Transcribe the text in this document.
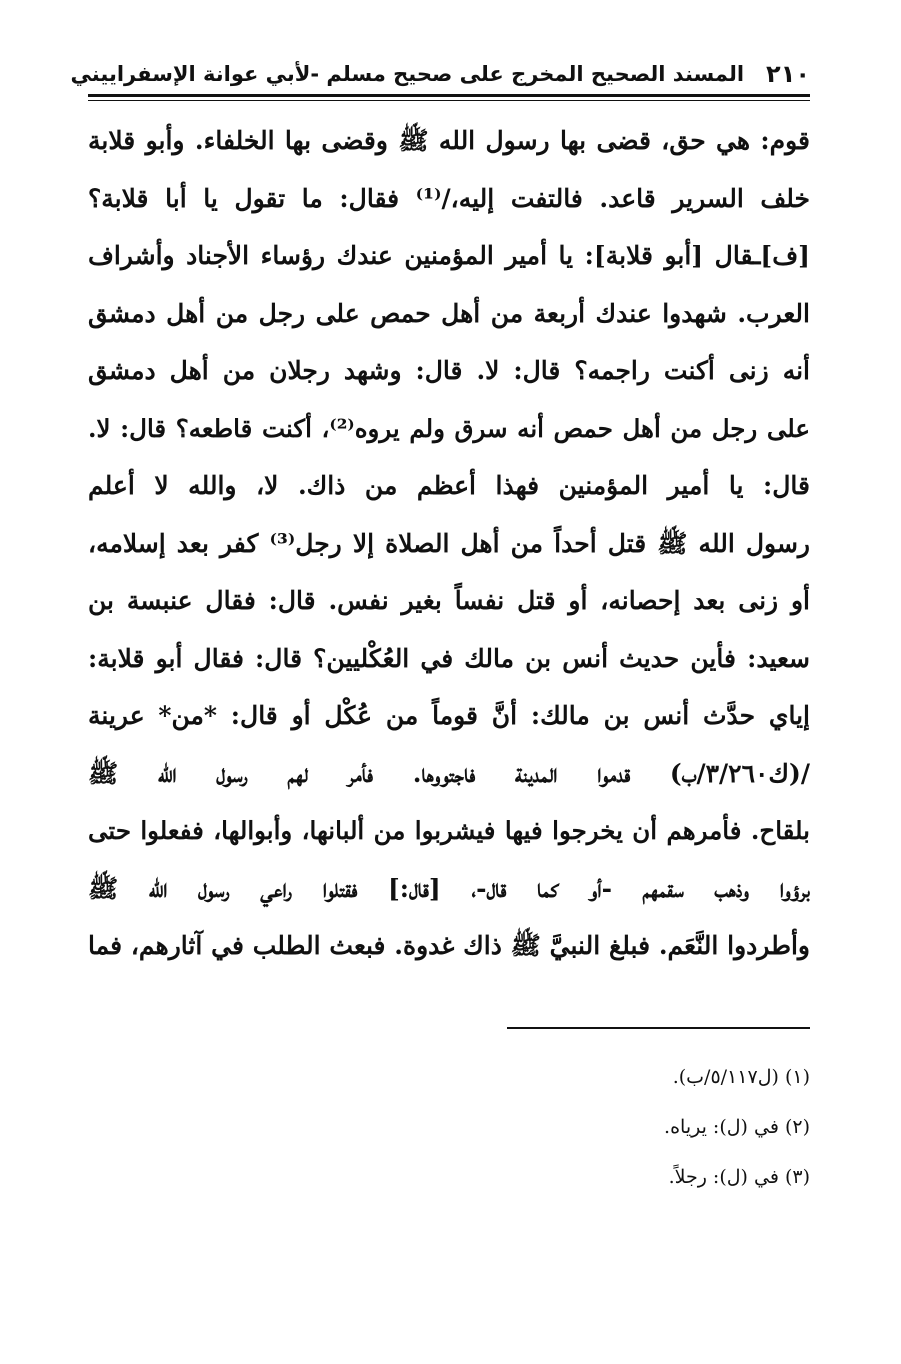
٢١٠
المسند الصحيح المخرج على صحيح مسلم -لأبي عوانة الإسفراييني
قوم: هي حق، قضى بها رسول الله ﷺ وقضى بها الخلفاء. وأبو قلابة
خلف السرير قاعد. فالتفت إليه،/⁽¹⁾ فقال: ما تقول يا أبا قلابة؟
[ف]ـقال [أبو قلابة]: يا أمير المؤمنين عندك رؤساء الأجناد وأشراف
العرب. شهدوا عندك أربعة من أهل حمص على رجل من أهل دمشق
أنه زنى أكنت راجمه؟ قال: لا. قال: وشهد رجلان من أهل دمشق
على رجل من أهل حمص أنه سرق ولم يروه⁽²⁾، أكنت قاطعه؟ قال: لا.
قال: يا أمير المؤمنين فهذا أعظم من ذاك. لا، والله لا أعلم
رسول الله ﷺ قتل أحداً من أهل الصلاة إلا رجل⁽³⁾ كفر بعد إسلامه،
أو زنى بعد إحصانه، أو قتل نفساً بغير نفس. قال: فقال عنبسة بن
سعيد: فأين حديث أنس بن مالك في العُكْليين؟ قال: فقال أبو قلابة:
إياي حدَّث أنس بن مالك: أنَّ قوماً من عُكْل أو قال: *من* عرينة
/(ك٣/٢٦٠/ب) قدموا المدينة فاجتووها. فأمر لهم رسول الله ﷺ
بلقاح. فأمرهم أن يخرجوا فيها فيشربوا من ألبانها، وأبوالها، ففعلوا حتى
برؤوا وذهب سقمهم -أو كما قال-، [قال:] فقتلوا راعي رسول الله ﷺ
وأطردوا النَّعَم. فبلغ النبيَّ ﷺ ذاك غدوة. فبعث الطلب في آثارهم، فما
(١) (ل٥/١١٧/ب).
(٢) في (ل): يرياه.
(٣) في (ل): رجلاً.
